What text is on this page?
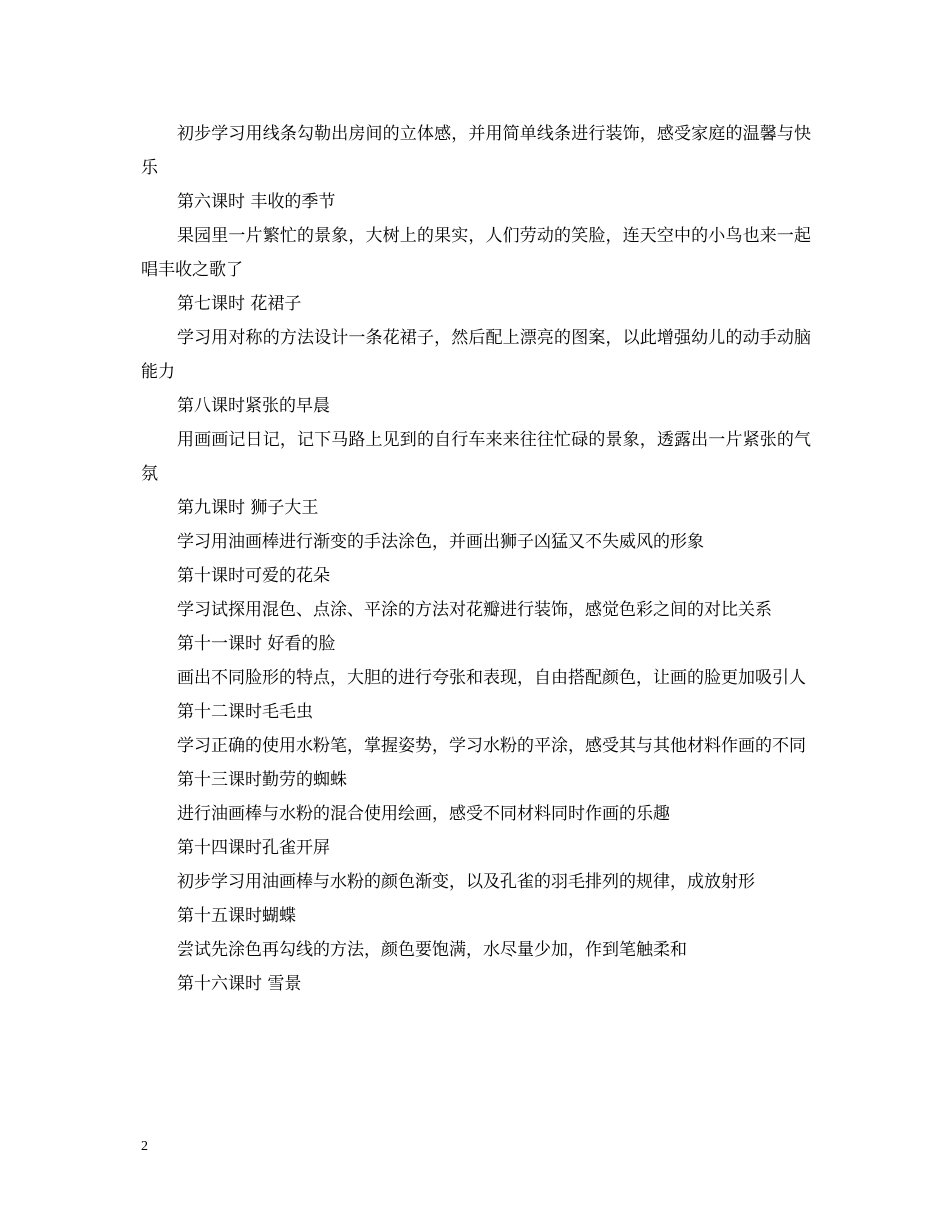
初步学习用线条勾勒出房间的立体感，并用简单线条进行装饰，感受家庭的温馨与快乐

第六课时 丰收的季节

果园里一片繁忙的景象，大树上的果实，人们劳动的笑脸，连天空中的小鸟也来一起唱丰收之歌了

第七课时 花裙子

学习用对称的方法设计一条花裙子，然后配上漂亮的图案，以此增强幼儿的动手动脑能力

第八课时紧张的早晨

用画画记日记，记下马路上见到的自行车来来往往忙碌的景象，透露出一片紧张的气氛

第九课时 狮子大王

学习用油画棒进行渐变的手法涂色，并画出狮子凶猛又不失威风的形象

第十课时可爱的花朵

学习试探用混色、点涂、平涂的方法对花瓣进行装饰，感觉色彩之间的对比关系

第十一课时 好看的脸

画出不同脸形的特点，大胆的进行夸张和表现，自由搭配颜色，让画的脸更加吸引人

第十二课时毛毛虫

学习正确的使用水粉笔，掌握姿势，学习水粉的平涂，感受其与其他材料作画的不同

第十三课时勤劳的蜘蛛

进行油画棒与水粉的混合使用绘画，感受不同材料同时作画的乐趣

第十四课时孔雀开屏

初步学习用油画棒与水粉的颜色渐变，以及孔雀的羽毛排列的规律，成放射形

第十五课时蝴蝶

尝试先涂色再勾线的方法，颜色要饱满，水尽量少加，作到笔触柔和

第十六课时 雪景

2
